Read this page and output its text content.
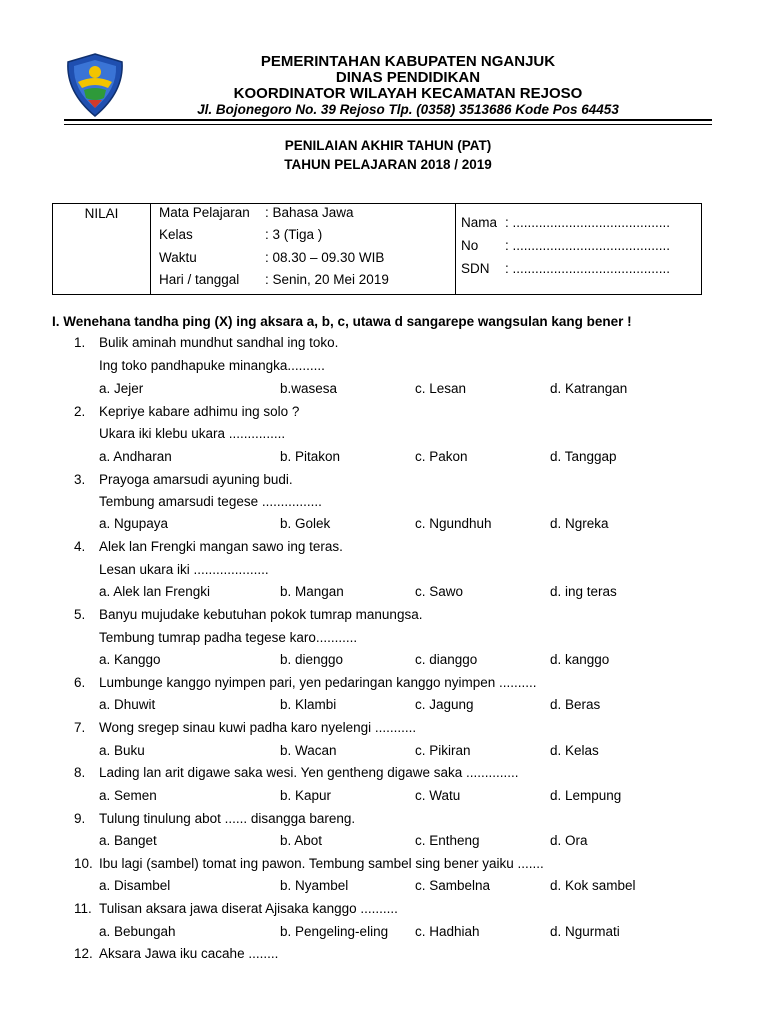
PEMERINTAHAN KABUPATEN NGANJUK
DINAS PENDIDIKAN
KOORDINATOR WILAYAH KECAMATAN REJOSO
Jl. Bojonegoro No. 39 Rejoso Tlp. (0358) 3513686 Kode Pos 64453
PENILAIAN AKHIR TAHUN (PAT)
TAHUN PELAJARAN 2018 / 2019
NILAI	Mata Pelajaran : Bahasa Jawa
Kelas	: 3 (Tiga )
Waktu	: 08.30 – 09.30 WIB
Hari / tanggal : Senin, 20 Mei 2019
Nama : ..........................................
No : ..........................................
SDN : ..........................................
I. Wenehana tandha ping (X) ing aksara a, b, c, utawa d sangarepe wangsulan kang bener !
1. Bulik aminah mundhut sandhal ing toko.
Ing toko pandhapuke minangka..........
a. Jejer	b.wasesa	c. Lesan	d. Katrangan
2. Kepriye kabare adhimu ing solo ?
Ukara iki klebu ukara ...............
a. Andharan	b. Pitakon	c. Pakon	d. Tanggap
3. Prayoga amarsudi ayuning budi.
Tembung amarsudi tegese ................
a. Ngupaya	b. Golek	c. Ngundhuh	d. Ngreka
4. Alek lan Frengki mangan sawo ing teras.
Lesan ukara iki ....................
a. Alek lan Frengki	b. Mangan	c. Sawo	d. ing teras
5. Banyu mujudake kebutuhan pokok tumrap manungsa.
Tembung tumrap padha tegese karo...........
a. Kanggo	b. dienggo	c. dianggo	d. kanggo
6. Lumbunge kanggo nyimpen pari, yen pedaringan kanggo nyimpen ..........
a. Dhuwit	b. Klambi	c. Jagung	d. Beras
7. Wong sregep sinau kuwi padha karo nyelengi ...........
a. Buku	b. Wacan	c. Pikiran	d. Kelas
8. Lading lan arit digawe saka wesi. Yen gentheng digawe saka ..............
a. Semen	b. Kapur	c. Watu	d. Lempung
9. Tulung tinulung abot ...... disangga bareng.
a. Banget	b. Abot	c. Entheng	d. Ora
10. Ibu lagi (sambel) tomat ing pawon. Tembung sambel sing bener yaiku .......
a. Disambel	b. Nyambel	c. Sambelna	d. Kok sambel
11. Tulisan aksara jawa diserat Ajisaka kanggo ..........
a. Bebungah	b. Pengeling-eling c. Hadhiah	d. Ngurmati
12. Aksara Jawa iku cacahe ........
